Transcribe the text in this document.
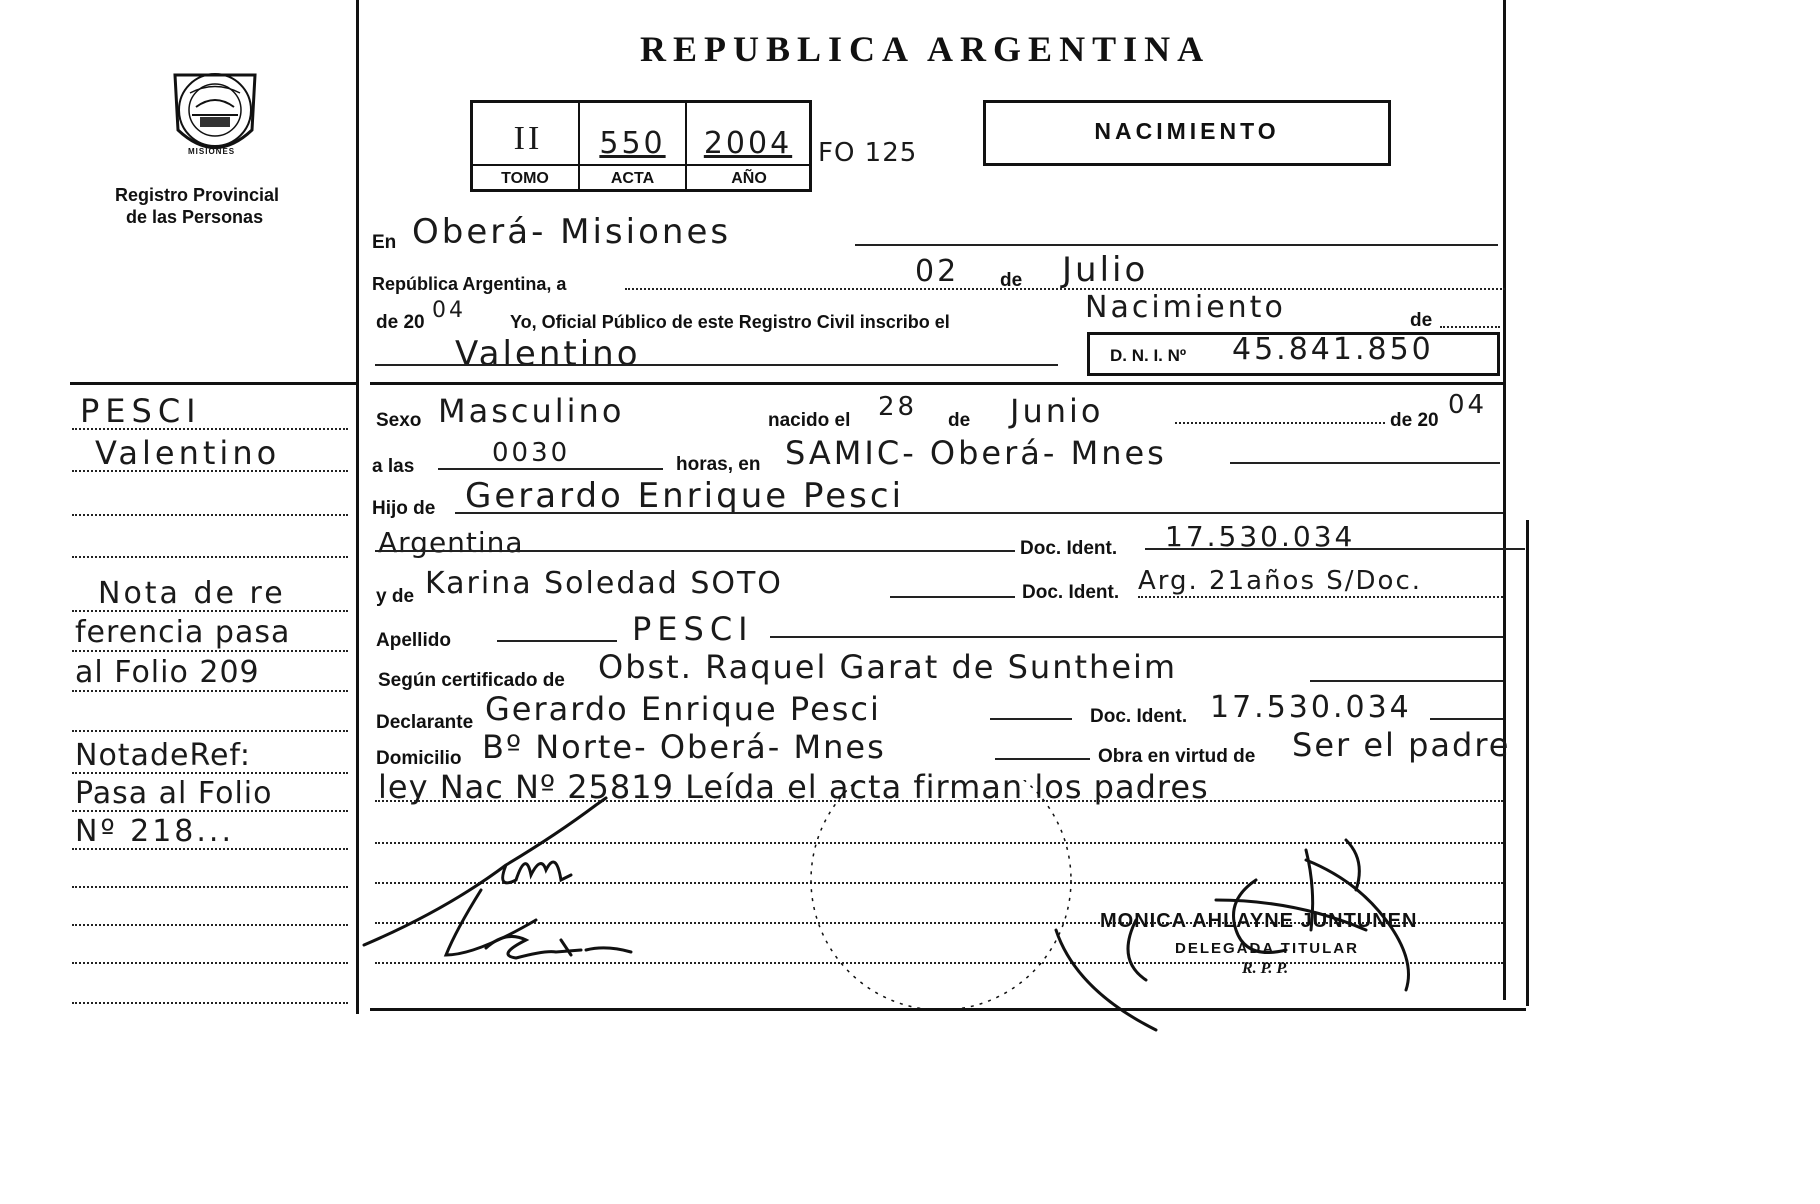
MISIONES
Registro Provincial
de las Personas
REPUBLICA ARGENTINA
II	550	2004
TOMO	ACTA	AÑO
FO 125
NACIMIENTO
PESCI
Valentino
Nota de re
ferencia pasa
al Folio 209
NotadeRef:
Pasa al Folio
Nº 218...
En Oberá- Misiones
República Argentina, a	02 de Julio
de 20 04 Yo, Oficial Público de este Registro Civil inscribo el	Nacimiento	de
Valentino	D. N. I. Nº 45.841.850
Sexo Masculino	nacido el 28 de Junio	de 20
04
a las	0030	horas, en SAMIC- Oberá- Mnes
Hijo de Gerardo Enrique Pesci
Argentina	Doc. Ident. 17.530.034
y de Karina Soledad SOTO	Doc. Ident. Arg. 21años S/Doc.
Apellido	PESCI
Según certificado de Obst. Raquel Garat de Suntheim
Declarante Gerardo Enrique Pesci	Doc. Ident. 17.530.034
Domicilio Bº Norte- Oberá- Mnes	Obra en virtud de Ser el padre
ley Nac Nº 25819 Leída el acta firman los padres
MONICA AHLAYNE JUNTUNEN
DELEGADA TITULAR
R. P. P.
